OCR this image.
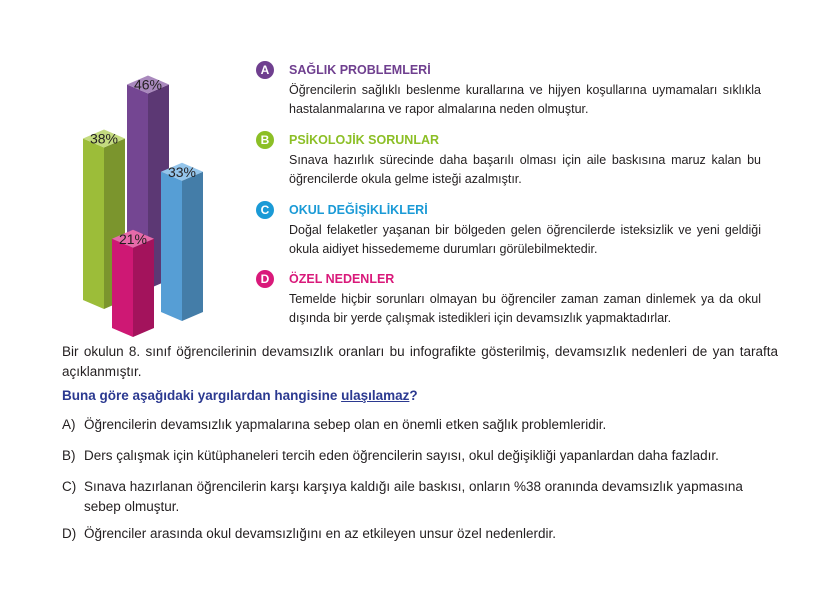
46%
38%
33%
21%
A	SAĞLIK PROBLEMLERİ
Öğrencilerin sağlıklı beslenme kurallarına ve hijyen koşullarına uymamaları sıklıkla hastalanmalarına ve rapor almalarına neden olmuştur.
B	PSİKOLOJİK SORUNLAR
Sınava hazırlık sürecinde daha başarılı olması için aile baskısına maruz kalan bu öğrencilerde okula gelme isteği azalmıştır.
C	OKUL DEĞİŞİKLİKLERİ
Doğal felaketler yaşanan bir bölgeden gelen öğrencilerde isteksizlik ve yeni geldiği okula aidiyet hissedememe durumları görülebilmektedir.
D	ÖZEL NEDENLER
Temelde hiçbir sorunları olmayan bu öğrenciler zaman zaman dinlemek ya da okul dışında bir yerde çalışmak istedikleri için devamsızlık yapmaktadırlar.
Bir okulun 8. sınıf öğrencilerinin devamsızlık oranları bu infografikte gösterilmiş, devamsızlık nedenleri de yan tarafta açıklanmıştır.
Buna göre aşağıdaki yargılardan hangisine ulaşılamaz?
A) Öğrencilerin devamsızlık yapmalarına sebep olan en önemli etken sağlık problemleridir.
B) Ders çalışmak için kütüphaneleri tercih eden öğrencilerin sayısı, okul değişikliği yapanlardan daha fazladır.
C) Sınava hazırlanan öğrencilerin karşı karşıya kaldığı aile baskısı, onların %38 oranında devamsızlık yapmasına sebep olmuştur.
D) Öğrenciler arasında okul devamsızlığını en az etkileyen unsur özel nedenlerdir.
